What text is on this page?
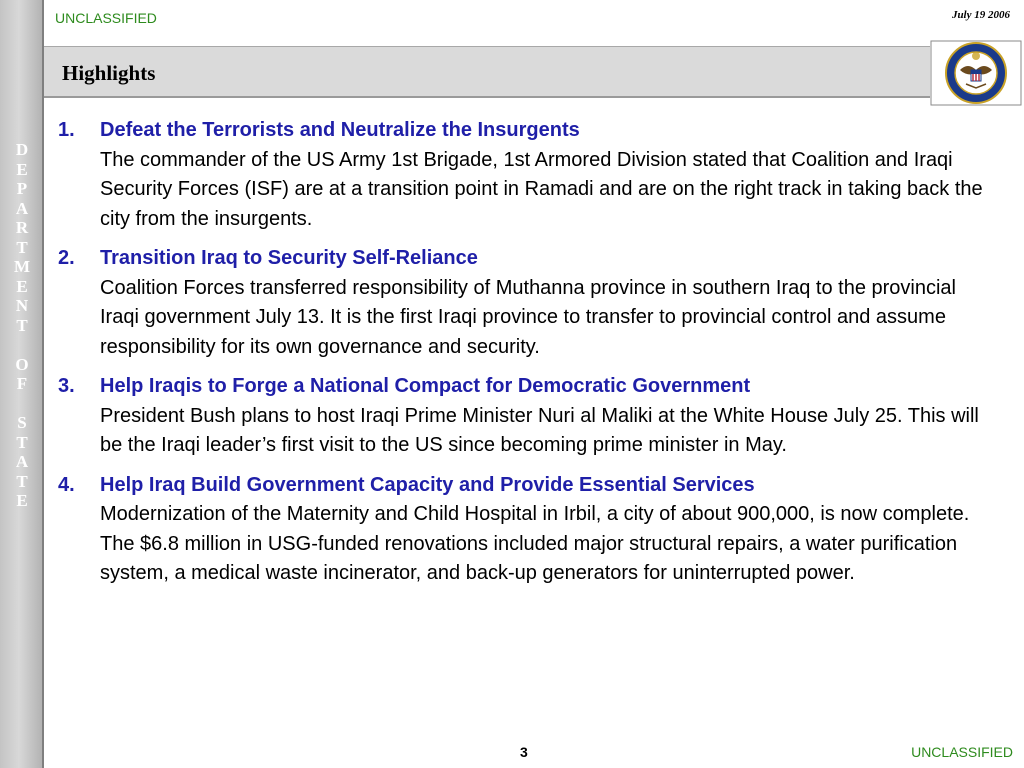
D
E
P
A
R
T
M
E
N
T
O
F
S
T
A
T
E
UNCLASSIFIED	July 19 2006
Highlights
1.	Defeat the Terrorists and Neutralize the Insurgents
The commander of the US Army 1st Brigade, 1st Armored Division stated that Coalition and Iraqi Security Forces (ISF) are at a transition point in Ramadi and are on the right track in taking back the city from the insurgents.
2.	Transition Iraq to Security Self-Reliance
Coalition Forces transferred responsibility of Muthanna province in southern Iraq to the provincial Iraqi government July 13. It is the first Iraqi province to transfer to provincial control and assume responsibility for its own governance and security.
3.	Help Iraqis to Forge a National Compact for Democratic Government
President Bush plans to host Iraqi Prime Minister Nuri al Maliki at the White House July 25. This will be the Iraqi leader’s first visit to the US since becoming prime minister in May.
4.	Help Iraq Build Government Capacity and Provide Essential Services
Modernization of the Maternity and Child Hospital in Irbil, a city of about 900,000, is now complete. The $6.8 million in USG-funded renovations included major structural repairs, a water purification system, a medical waste incinerator, and back-up generators for uninterrupted power.
3	UNCLASSIFIED
